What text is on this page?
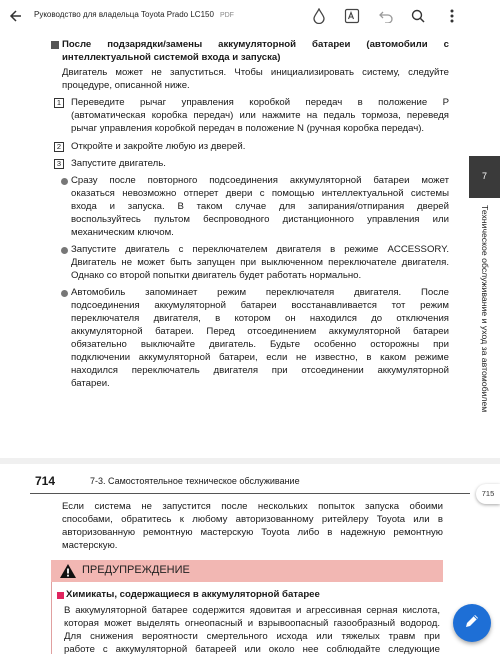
Руководство для владельца Toyota Prado LC150 PDF
После подзарядки/замены аккумуляторной батареи (автомобили с
интеллектуальной системой входа и запуска)
Двигатель может не запуститься. Чтобы инициализировать систему, следуйте
процедуре, описанной ниже.
1	Переведите рычаг управления коробкой передач в положение P
(автоматическая коробка передач) или нажмите на педаль тормоза, переведя
рычаг управления коробкой передач в положение N (ручная коробка передач).
2	Откройте и закройте любую из дверей.
3	Запустите двигатель.
Сразу после повторного подсоединения аккумуляторной батареи может
оказаться невозможно отперет двери с помощью интеллектуальной системы
входа и запуска. В таком случае для запирания/отпирания дверей
воспользуйтесь пультом беспроводного дистанционного управления или
механическим ключом.
Запустите двигатель с переключателем двигателя в режиме ACCESSORY.
Двигатель не может быть запущен при выключенном переключателе двигателя.
Однако со второй попытки двигатель будет работать нормально.
Автомобиль запоминает режим переключателя двигателя. После
подсоединения аккумуляторной батареи восстанавливается тот режим
переключателя двигателя, в котором он находился до отключения
аккумуляторной батареи. Перед отсоединением аккумуляторной батареи
обязательно выключайте двигатель. Будьте особенно осторожны при
подключении аккумуляторной батареи, если не известно, в каком режиме
находился переключатель двигателя при отсоединении аккумуляторной
батареи.
7
Техническое обслуживание и уход за автомобилем
714	7-3. Самостоятельное техническое обслуживание
715
Если система не запустится после нескольких попыток запуска обоими
способами, обратитесь к любому авторизованному ритейлеру Toyota или в
авторизованную ремонтную мастерскую Toyota либо в надежную ремонтную
мастерскую.
ПРЕДУПРЕЖДЕНИЕ
Химикаты, содержащиеся в аккумуляторной батарее
В аккумуляторной батарее содержится ядовитая и агрессивная серная кислота,
которая может выделять огнеопасный и взрывоопасный газообразный водород.
Для снижения вероятности смертельного исхода или тяжелых травм при
работе с аккумуляторной батареей или около нее соблюдайте следующие
